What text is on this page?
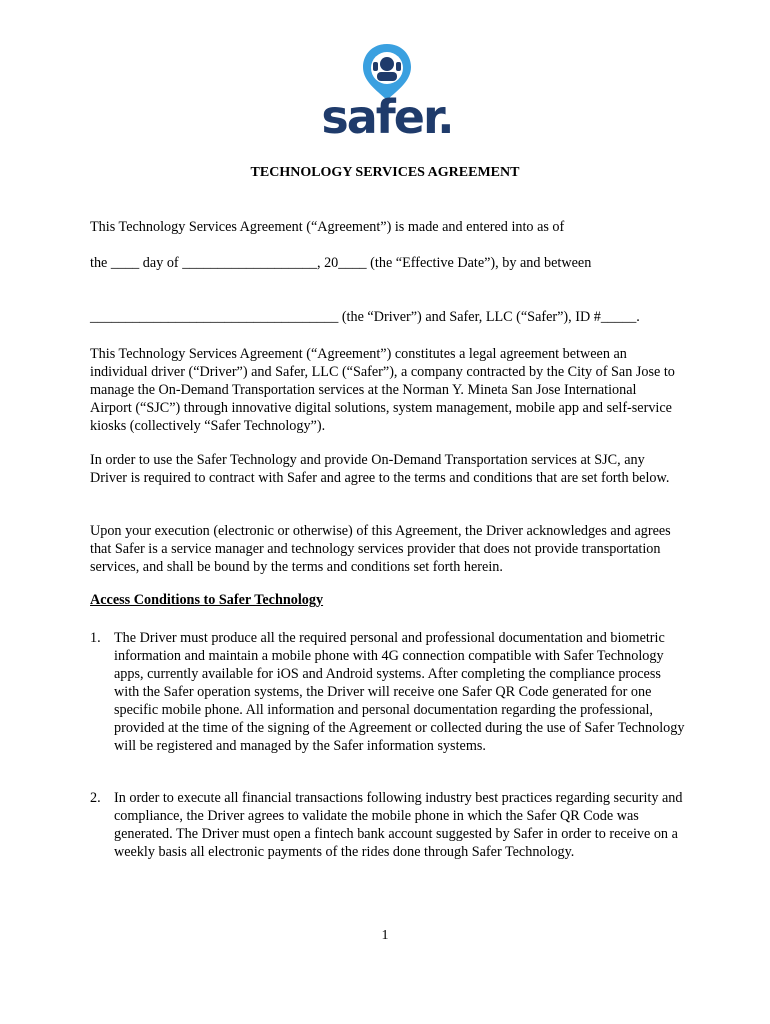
safer.
TECHNOLOGY SERVICES AGREEMENT
This Technology Services Agreement (“Agreement”) is made and entered into as of
the ____ day of ___________________, 20____ (the “Effective Date”), by and between
___________________________________ (the “Driver”) and Safer, LLC (“Safer”), ID #_____.
This Technology Services Agreement (“Agreement”) constitutes a legal agreement between an individual driver (“Driver”) and Safer, LLC (“Safer”), a company contracted by the City of San Jose to manage the On-Demand Transportation services at the Norman Y. Mineta San Jose International Airport (“SJC”) through innovative digital solutions, system management, mobile app and self-service kiosks (collectively “Safer Technology”).
In order to use the Safer Technology and provide On-Demand Transportation services at SJC, any Driver is required to contract with Safer and agree to the terms and conditions that are set forth below.
Upon your execution (electronic or otherwise) of this Agreement, the Driver acknowledges and agrees that Safer is a service manager and technology services provider that does not provide transportation services, and shall be bound by the terms and conditions set forth herein.
Access Conditions to Safer Technology
1. The Driver must produce all the required personal and professional documentation and biometric information and maintain a mobile phone with 4G connection compatible with Safer Technology apps, currently available for iOS and Android systems. After completing the compliance process with the Safer operation systems, the Driver will receive one Safer QR Code generated for one specific mobile phone. All information and personal documentation regarding the professional, provided at the time of the signing of the Agreement or collected during the use of Safer Technology will be registered and managed by the Safer information systems.
2. In order to execute all financial transactions following industry best practices regarding security and compliance, the Driver agrees to validate the mobile phone in which the Safer QR Code was generated. The Driver must open a fintech bank account suggested by Safer in order to receive on a weekly basis all electronic payments of the rides done through Safer Technology.
1
